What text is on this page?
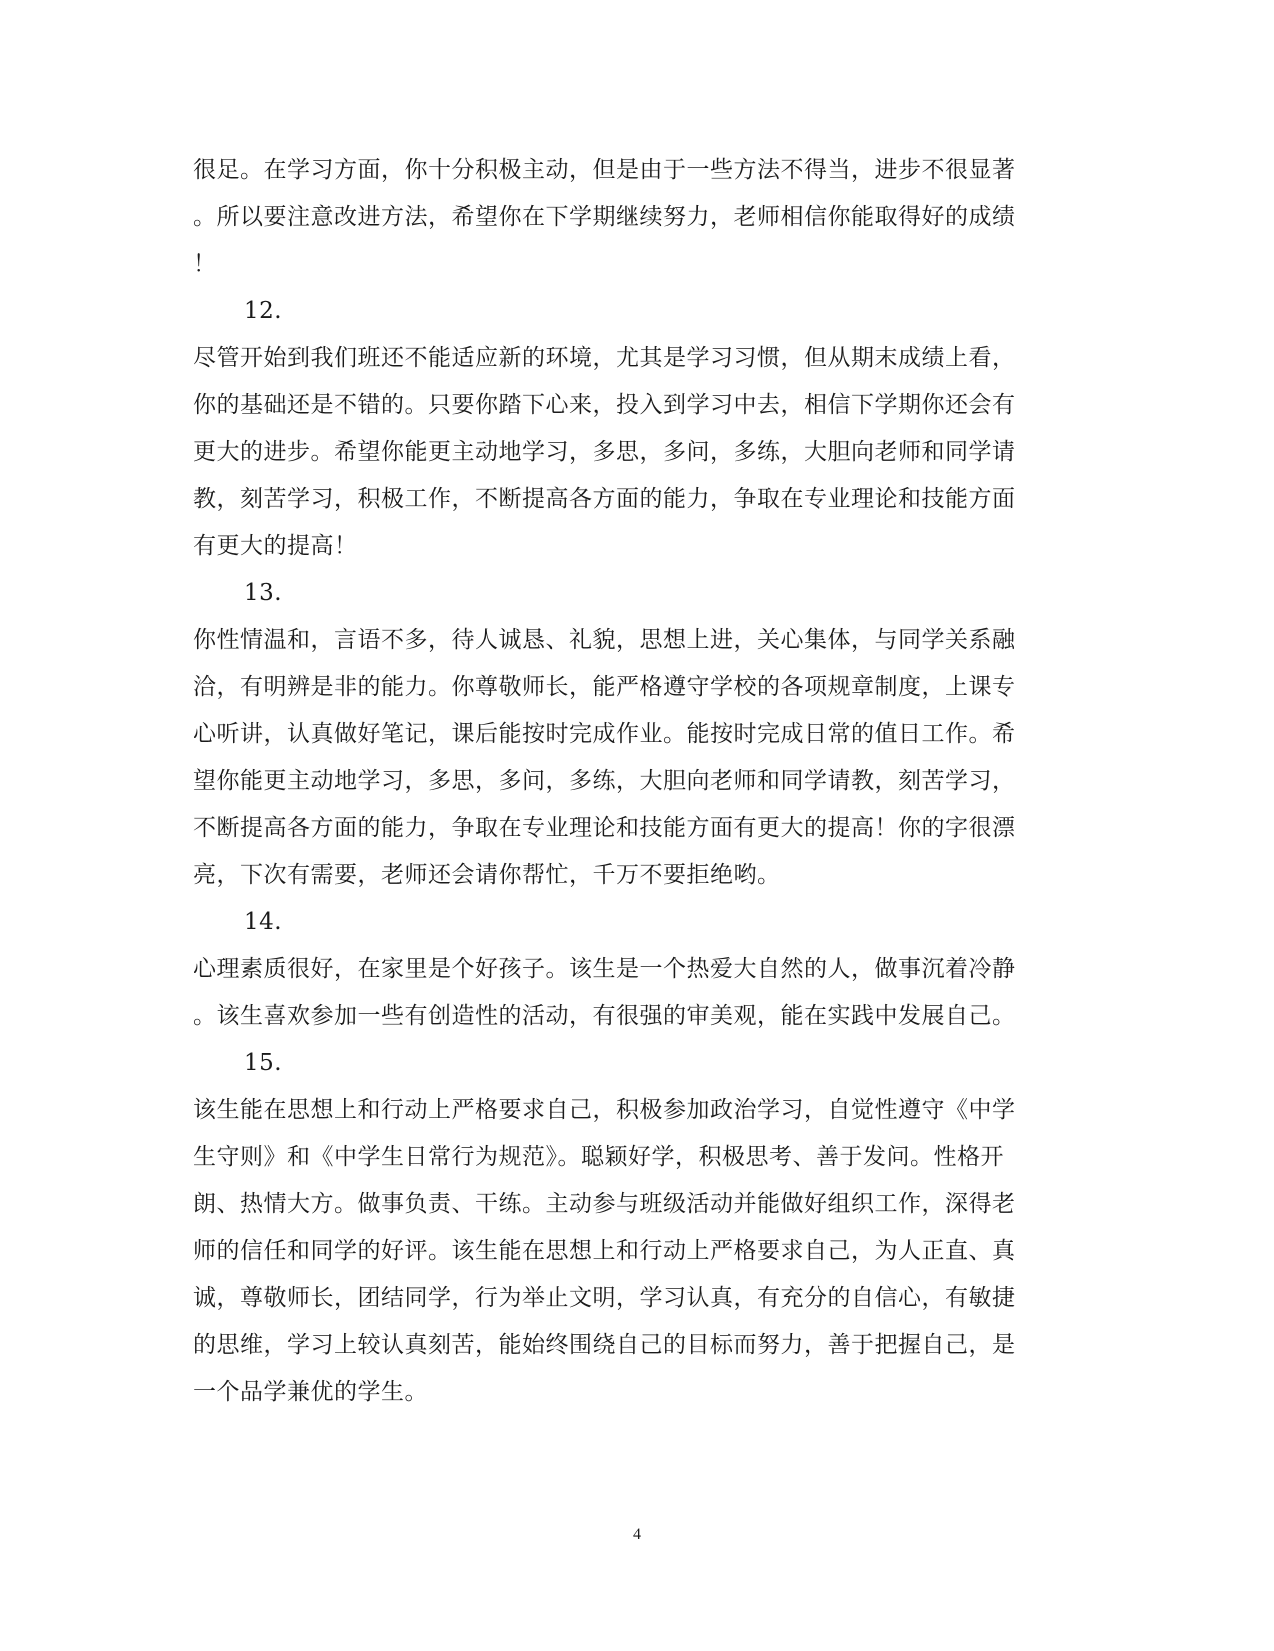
很足。在学习方面，你十分积极主动，但是由于一些方法不得当，进步不很显著
。所以要注意改进方法，希望你在下学期继续努力，老师相信你能取得好的成绩
！
12.
尽管开始到我们班还不能适应新的环境，尤其是学习习惯，但从期末成绩上看，
你的基础还是不错的。只要你踏下心来，投入到学习中去，相信下学期你还会有
更大的进步。希望你能更主动地学习，多思，多问，多练，大胆向老师和同学请
教，刻苦学习，积极工作，不断提高各方面的能力，争取在专业理论和技能方面
有更大的提高！
13.
你性情温和，言语不多，待人诚恳、礼貌，思想上进，关心集体，与同学关系融
洽，有明辨是非的能力。你尊敬师长，能严格遵守学校的各项规章制度，上课专
心听讲，认真做好笔记，课后能按时完成作业。能按时完成日常的值日工作。希
望你能更主动地学习，多思，多问，多练，大胆向老师和同学请教，刻苦学习，
不断提高各方面的能力，争取在专业理论和技能方面有更大的提高！你的字很漂
亮，下次有需要，老师还会请你帮忙，千万不要拒绝哟。
14.
心理素质很好，在家里是个好孩子。该生是一个热爱大自然的人，做事沉着冷静
。该生喜欢参加一些有创造性的活动，有很强的审美观，能在实践中发展自己。
15.
该生能在思想上和行动上严格要求自己，积极参加政治学习，自觉性遵守《中学
生守则》和《中学生日常行为规范》。聪颖好学，积极思考、善于发问。性格开
朗、热情大方。做事负责、干练。主动参与班级活动并能做好组织工作，深得老
师的信任和同学的好评。该生能在思想上和行动上严格要求自己，为人正直、真
诚，尊敬师长，团结同学，行为举止文明，学习认真，有充分的自信心，有敏捷
的思维，学习上较认真刻苦，能始终围绕自己的目标而努力，善于把握自己，是
一个品学兼优的学生。
4
